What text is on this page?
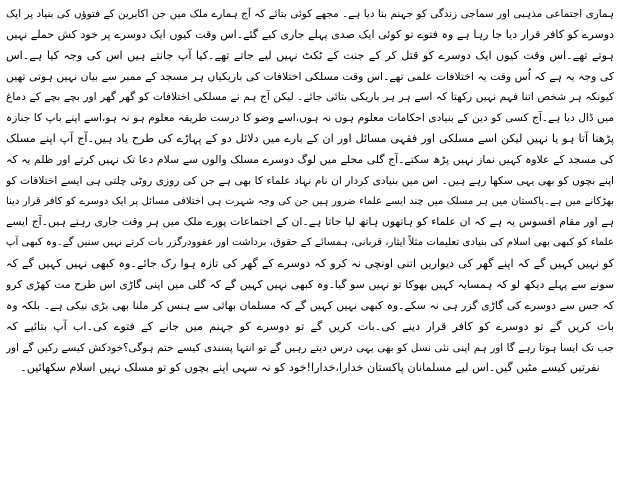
ہماری اجتماعی مذہبی اور سماجی زندگی کو جہنم بنا دیا ہے۔ مجھے کوئی بتائے کہ آج ہمارے ملک میں جن اکابرین کے فتوؤں کی بنیاد پر ایک
دوسرے کو کافر قرار دیا جا رہا ہے وہ فتوے تو کوئی ایک صدی پہلے جاری کیے گئے۔اس وقت کیوں ایک دوسرے پر خود کش حملے نہیں
ہوتے تھے۔اس وقت کیوں ایک دوسرے کو قتل کر کے جنت کے ٹکٹ نہیں لیے جاتے تھے۔کیا آپ جانتے ہیں اس کی وجہ کیا ہے۔اس
کی وجہ یہ ہے کہ اُس وقت یہ اختلافات علمی تھے۔اس وقت مسلکی اختلافات کی باریکیاں ہر مسجد کے ممبر سے بیان نہیں ہوتی تھیں
کیونکہ ہر شخص اتنا فہم نہیں رکھتا کہ اسے ہر ہر باریکی بتائی جائے۔ لیکن آج ہم نے مسلکی اختلافات کو گھر گھر اور بچے بچے کے دماغ
میں ڈال دیا ہے۔آج کسی کو دین کے بنیادی احکامات معلوم ہوں نہ ہوں،اسے وضو کا درست طریقہ معلوم ہو نہ ہو،اسے اپنے باپ کا جنازہ
پڑھنا آتا ہو یا نہیں لیکن اسے مسلکی اور فقہی مسائل اور ان کے بارے میں دلائل دو کے پہاڑے کی طرح یاد ہیں۔آج آپ اپنے مسلک
کی مسجد کے علاوہ کہیں نماز نہیں پڑھ سکتے۔آج گلی محلے میں لوگ دوسرے مسلک والوں سے سلام دعا تک نہیں کرتے اور ظلم یہ کہ
اپنے بچوں کو بھی یہی سکھا رہے ہیں۔ اس میں بنیادی کردار ان نام نہاد علماء کا بھی ہے جن کی روزی روٹی چلتی ہی ایسے اختلافات کو
بھڑکانے میں ہے۔پاکستان میں ہر مسلک میں چند ایسے علماء ضرور ہیں جن کی وجہ شہرت ہی اختلافی مسائل پر ایک دوسرے کو کافر قرار دینا
ہے اور مقام افسوس یہ ہے کہ ان علماء کو ہاتھوں ہاتھ لیا جاتا ہے۔ان کے اجتماعات پورے ملک میں ہر وقت جاری رہتے ہیں۔آج ایسے
علماء کو کبھی بھی اسلام کی بنیادی تعلیمات مثلاً ایثار، قربانی، ہمسائے کے حقوق، برداشت اور عفوودرگزر بات کرتے نہیں سنیں گے۔وہ کبھی آپ
کو نہیں کہیں گے کہ اپنے گھر کی دیواریں اتنی اونچی نہ کرو کہ دوسرے کے گھر کی تازہ ہوا رک جائے۔وہ کبھی نہیں کہیں گے کہ
سونے سے پہلے دیکھ لو کہ ہمسایہ کہیں بھوکا تو نہیں سو گیا۔وہ کبھی نہیں کہیں گے کہ گلی میں اپنی گاڑی اس طرح مت کھڑی کرو
کہ جس سے دوسرے کی گاڑی گزر ہی نہ سکے۔وہ کبھی نہیں کہیں گے کہ مسلمان بھائی سے ہنس کر ملنا بھی بڑی نیکی ہے۔ بلکہ وہ
بات کریں گے تو دوسرے کو کافر قرار دینے کی۔بات کریں گے تو دوسرے کو جہنم میں جانے کے فتوے کی۔اب آپ بتائیے کہ
جب تک ایسا ہوتا رہے گا اور ہم اپنی نئی نسل کو بھی یہی درس دیتے رہیں گے تو انتہا پسندی کیسے ختم ہوگی؟خودکش کیسے رکیں گے اور
نفرتیں کیسے مٹیں گیں۔اس لیے مسلمانان پاکستان خدارا،خدارا!خود کو نہ سہی اپنے بچوں کو تو مسلک نہیں اسلام سکھائیں۔
